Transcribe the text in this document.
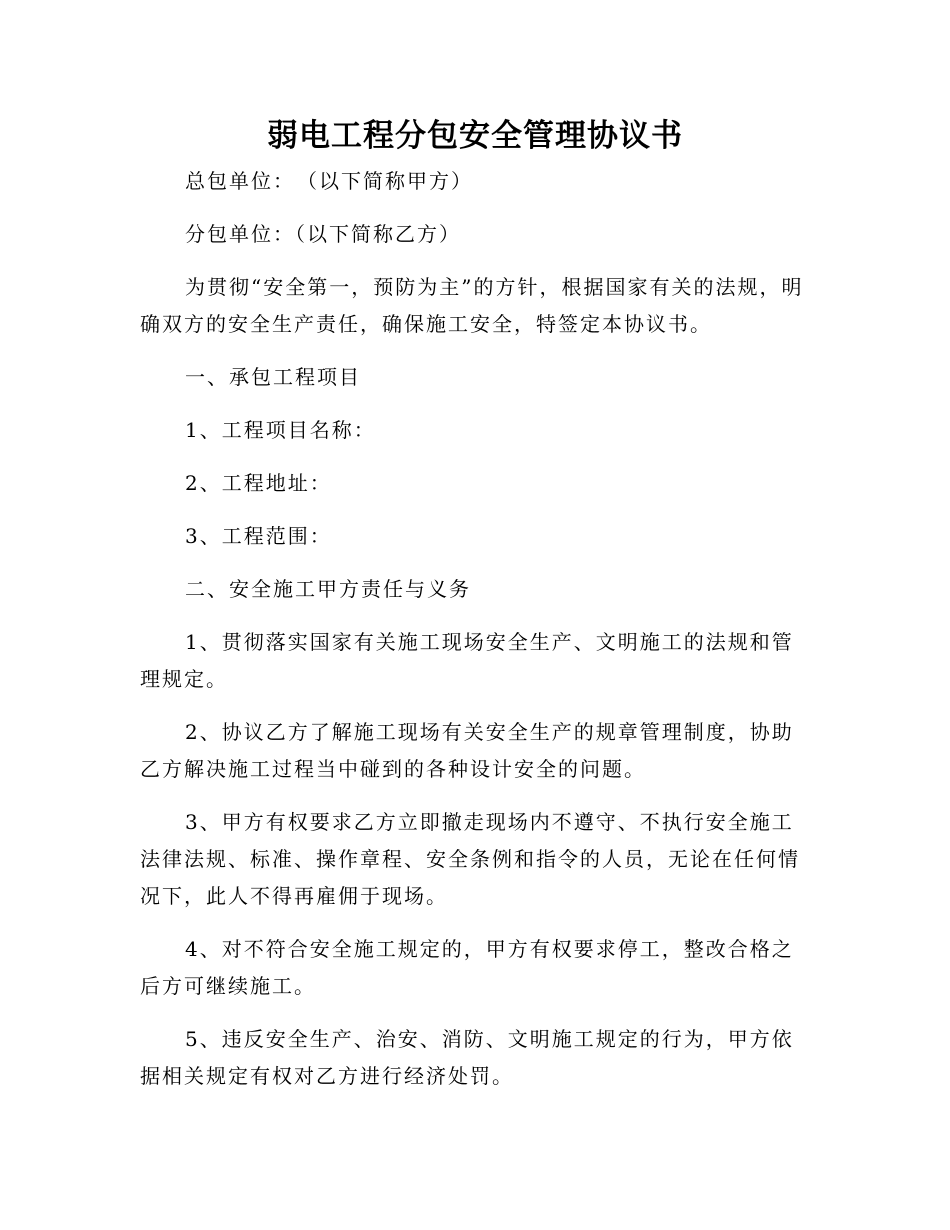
弱电工程分包安全管理协议书

总包单位：　（以下简称甲方）

分包单位：（以下简称乙方）

为贯彻“安全第一，预防为主”的方针，根据国家有关的法规，明确双方的安全生产责任，确保施工安全，特签定本协议书。

一、承包工程项目

1、工程项目名称：

2、工程地址：

3、工程范围：

二、安全施工甲方责任与义务

1、贯彻落实国家有关施工现场安全生产、文明施工的法规和管理规定。

2、协议乙方了解施工现场有关安全生产的规章管理制度，协助乙方解决施工过程当中碰到的各种设计安全的问题。

3、甲方有权要求乙方立即撤走现场内不遵守、不执行安全施工法律法规、标准、操作章程、安全条例和指令的人员，无论在任何情况下，此人不得再雇佣于现场。

4、对不符合安全施工规定的，甲方有权要求停工，整改合格之后方可继续施工。

5、违反安全生产、治安、消防、文明施工规定的行为，甲方依据相关规定有权对乙方进行经济处罚。
